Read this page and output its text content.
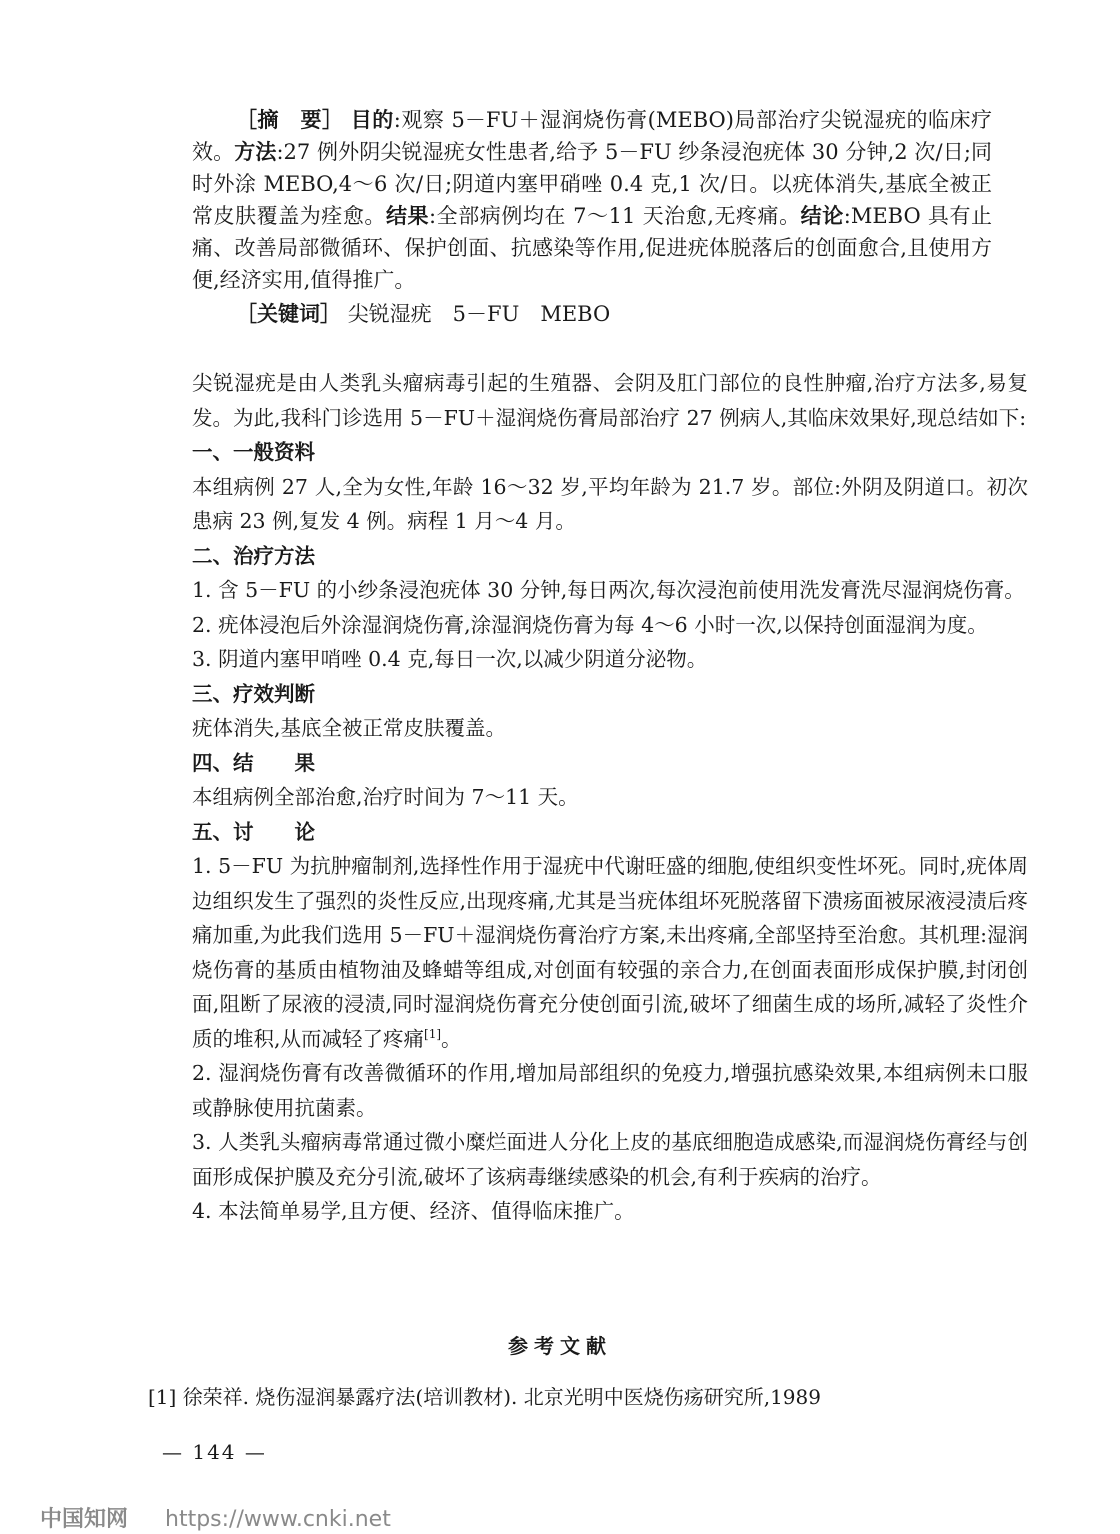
［摘　要］ 目的:观察 5－FU＋湿润烧伤膏(MEBO)局部治疗尖锐湿疣的临床疗效。方法:27 例外阴尖锐湿疣女性患者,给予 5－FU 纱条浸泡疣体 30 分钟,2 次/日;同时外涂 MEBO,4～6 次/日;阴道内塞甲硝唑 0.4 克,1 次/日。以疣体消失,基底全被正常皮肤覆盖为痊愈。结果:全部病例均在 7～11 天治愈,无疼痛。结论:MEBO 具有止痛、改善局部微循环、保护创面、抗感染等作用,促进疣体脱落后的创面愈合,且使用方便,经济实用,值得推广。

［关键词］ 尖锐湿疣　5－FU　MEBO

尖锐湿疣是由人类乳头瘤病毒引起的生殖器、会阴及肛门部位的良性肿瘤,治疗方法多,易复发。为此,我科门诊选用 5－FU＋湿润烧伤膏局部治疗 27 例病人,其临床效果好,现总结如下:

一、一般资料

本组病例 27 人,全为女性,年龄 16～32 岁,平均年龄为 21.7 岁。部位:外阴及阴道口。初次患病 23 例,复发 4 例。病程 1 月～4 月。

二、治疗方法

1. 含 5－FU 的小纱条浸泡疣体 30 分钟,每日两次,每次浸泡前使用洗发膏洗尽湿润烧伤膏。

2. 疣体浸泡后外涂湿润烧伤膏,涂湿润烧伤膏为每 4～6 小时一次,以保持创面湿润为度。

3. 阴道内塞甲哨唑 0.4 克,每日一次,以减少阴道分泌物。

三、疗效判断

疣体消失,基底全被正常皮肤覆盖。

四、结　　果

本组病例全部治愈,治疗时间为 7～11 天。

五、讨　　论

1. 5－FU 为抗肿瘤制剂,选择性作用于湿疣中代谢旺盛的细胞,使组织变性坏死。同时,疣体周边组织发生了强烈的炎性反应,出现疼痛,尤其是当疣体组坏死脱落留下溃疡面被尿液浸渍后疼痛加重,为此我们选用 5－FU＋湿润烧伤膏治疗方案,未出疼痛,全部坚持至治愈。其机理:湿润烧伤膏的基质由植物油及蜂蜡等组成,对创面有较强的亲合力,在创面表面形成保护膜,封闭创面,阻断了尿液的浸渍,同时湿润烧伤膏充分使创面引流,破坏了细菌生成的场所,减轻了炎性介质的堆积,从而减轻了疼痛[1]。

2. 湿润烧伤膏有改善微循环的作用,增加局部组织的免疫力,增强抗感染效果,本组病例未口服或静脉使用抗菌素。

3. 人类乳头瘤病毒常通过微小糜烂面进人分化上皮的基底细胞造成感染,而湿润烧伤膏经与创面形成保护膜及充分引流,破坏了该病毒继续感染的机会,有利于疾病的治疗。

4. 本法简单易学,且方便、经济、值得临床推广。

参考文献
[1] 徐荣祥. 烧伤湿润暴露疗法(培训教材). 北京光明中医烧伤疡研究所,1989
— 144 —
中国知网 https://www.cnki.net
